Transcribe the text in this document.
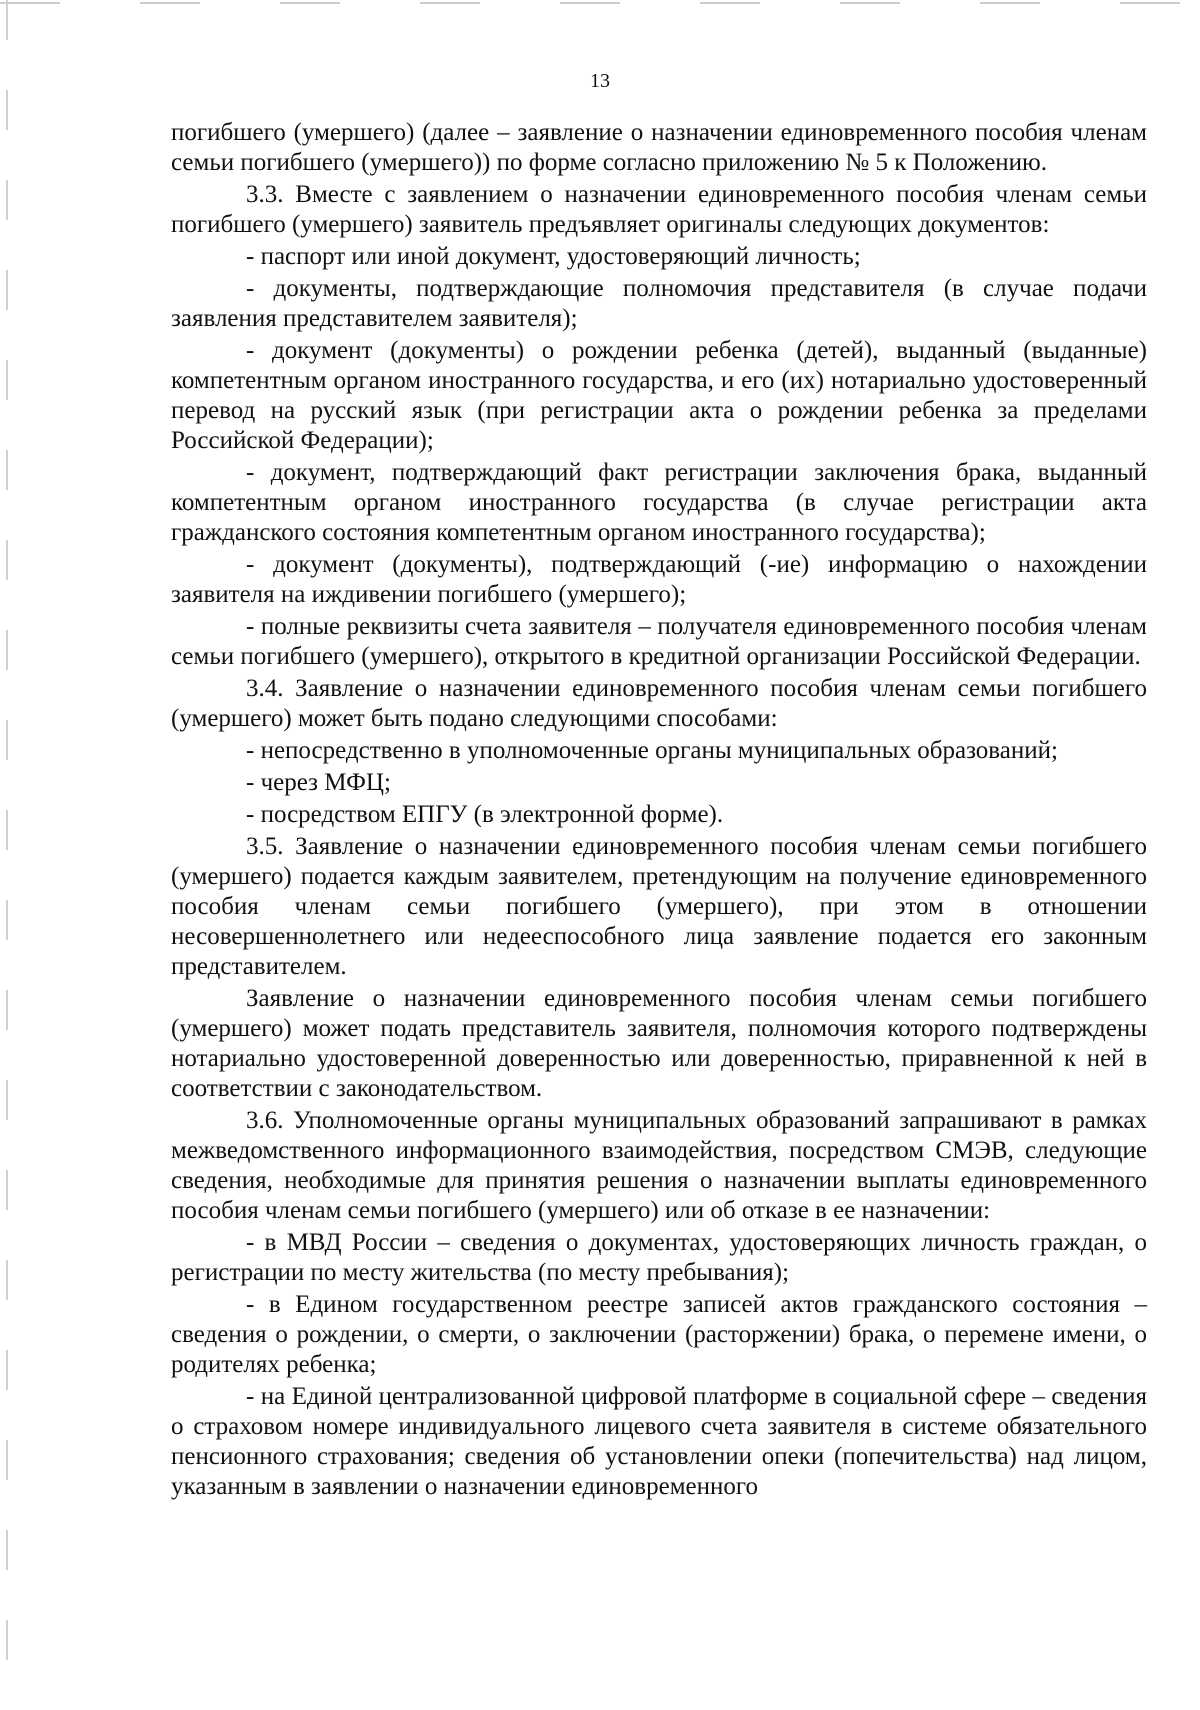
13

погибшего (умершего) (далее – заявление о назначении единовременного пособия членам семьи погибшего (умершего)) по форме согласно приложению № 5 к Положению.

3.3. Вместе с заявлением о назначении единовременного пособия членам семьи погибшего (умершего) заявитель предъявляет оригиналы следующих документов:

- паспорт или иной документ, удостоверяющий личность;

- документы, подтверждающие полномочия представителя (в случае подачи заявления представителем заявителя);

- документ (документы) о рождении ребенка (детей), выданный (выданные) компетентным органом иностранного государства, и его (их) нотариально удостоверенный перевод на русский язык (при регистрации акта о рождении ребенка за пределами Российской Федерации);

- документ, подтверждающий факт регистрации заключения брака, выданный компетентным органом иностранного государства (в случае регистрации акта гражданского состояния компетентным органом иностранного государства);

- документ (документы), подтверждающий (-ие) информацию о нахождении заявителя на иждивении погибшего (умершего);

- полные реквизиты счета заявителя – получателя единовременного пособия членам семьи погибшего (умершего), открытого в кредитной организации Российской Федерации.

3.4. Заявление о назначении единовременного пособия членам семьи погибшего (умершего) может быть подано следующими способами:

- непосредственно в уполномоченные органы муниципальных образований;

- через МФЦ;

- посредством ЕПГУ (в электронной форме).

3.5. Заявление о назначении единовременного пособия членам семьи погибшего (умершего) подается каждым заявителем, претендующим на получение единовременного пособия членам семьи погибшего (умершего), при этом в отношении несовершеннолетнего или недееспособного лица заявление подается его законным представителем.

Заявление о назначении единовременного пособия членам семьи погибшего (умершего) может подать представитель заявителя, полномочия которого подтверждены нотариально удостоверенной доверенностью или доверенностью, приравненной к ней в соответствии с законодательством.

3.6. Уполномоченные органы муниципальных образований запрашивают в рамках межведомственного информационного взаимодействия, посредством СМЭВ, следующие сведения, необходимые для принятия решения о назначении выплаты единовременного пособия членам семьи погибшего (умершего) или об отказе в ее назначении:

- в МВД России – сведения о документах, удостоверяющих личность граждан, о регистрации по месту жительства (по месту пребывания);

- в Едином государственном реестре записей актов гражданского состояния – сведения о рождении, о смерти, о заключении (расторжении) брака, о перемене имени, о родителях ребенка;

- на Единой централизованной цифровой платформе в социальной сфере – сведения о страховом номере индивидуального лицевого счета заявителя в системе обязательного пенсионного страхования; сведения об установлении опеки (попечительства) над лицом, указанным в заявлении о назначении единовременного
